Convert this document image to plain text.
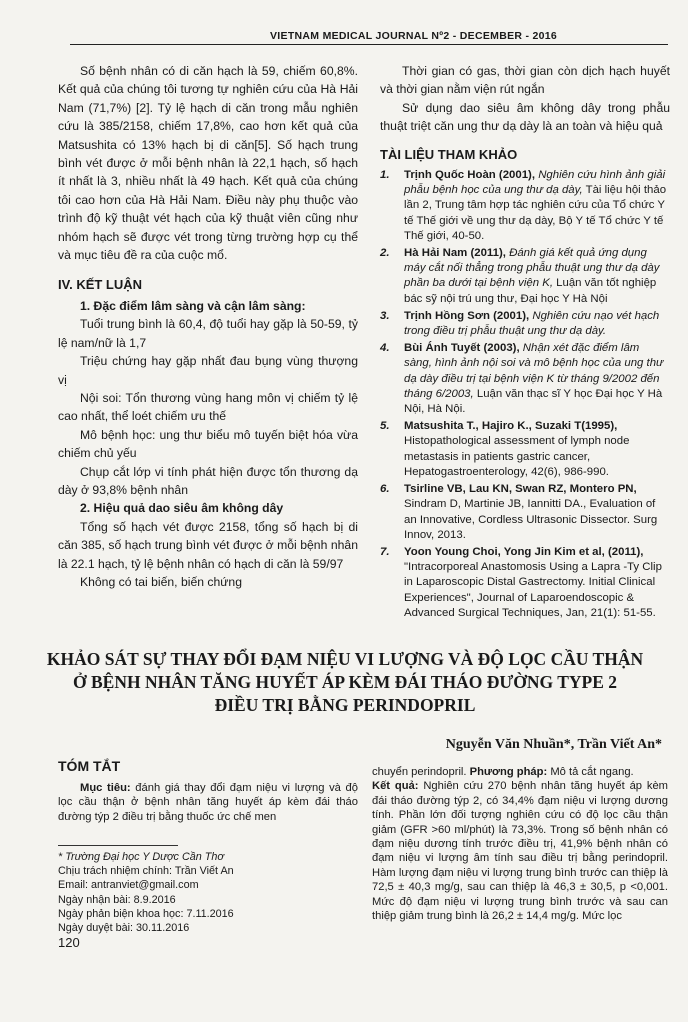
VIETNAM MEDICAL JOURNAL Nº2 - DECEMBER - 2016

Số bệnh nhân có di căn hạch là 59, chiếm 60,8%. Kết quả của chúng tôi tương tự nghiên cứu của Hà Hải Nam (71,7%) [2]. Tỷ lệ hạch di căn trong mẫu nghiên cứu là 385/2158, chiếm 17,8%, cao hơn kết quả của Matsushita có 13% hạch bị di căn[5]. Số hạch trung bình vét được ở mỗi bệnh nhân là 22,1 hạch, số hạch ít nhất là 3, nhiều nhất là 49 hạch. Kết quả của chúng tôi cao hơn của Hà Hải Nam. Điều này phụ thuộc vào trình độ kỹ thuật vét hạch của kỹ thuật viên cũng như nhóm hạch sẽ được vét trong từng trường hợp cụ thể và mục tiêu đề ra của cuộc mổ.

IV. KẾT LUẬN

1. Đặc điểm lâm sàng và cận lâm sàng:

Tuổi trung bình là 60,4, độ tuổi hay gặp là 50-59, tỷ lệ nam/nữ là 1,7

Triệu chứng hay gặp nhất đau bụng vùng thượng vị

Nội soi: Tổn thương vùng hang môn vị chiếm tỷ lệ cao nhất, thể loét chiếm ưu thế

Mô bệnh học: ung thư biểu mô tuyến biệt hóa vừa chiếm chủ yếu

Chụp cắt lớp vi tính phát hiện được tổn thương dạ dày ở 93,8% bệnh nhân

2. Hiệu quả dao siêu âm không dây

Tổng số hạch vét được 2158, tổng số hạch bị di căn 385, số hạch trung bình vét được ở mỗi bệnh nhân là 22.1 hạch, tỷ lệ bệnh nhân có hạch di căn là 59/97

Không có tai biến, biến chứng

Thời gian có gas, thời gian còn dịch hạch huyết và thời gian nằm viện rút ngắn

Sử dụng dao siêu âm không dây trong phẫu thuật triệt căn ung thư dạ dày là an toàn và hiệu quả

TÀI LIỆU THAM KHẢO
1.	Trịnh Quốc Hoàn (2001), Nghiên cứu hình ảnh giải phẫu bệnh học của ung thư dạ dày, Tài liệu hội thảo lần 2, Trung tâm hợp tác nghiên cứu của Tổ chức Y tế Thế giới về ung thư dạ dày, Bộ Y tế Tổ chức Y tế Thế giới, 40-50.
2.	Hà Hải Nam (2011), Đánh giá kết quả ứng dụng máy cắt nối thẳng trong phẫu thuật ung thư dạ dày phần ba dưới tại bệnh viện K, Luận văn tốt nghiệp bác sỹ nội trú ung thư, Đại học Y Hà Nội
3.	Trịnh Hồng Sơn (2001), Nghiên cứu nạo vét hạch trong điều trị phẫu thuật ung thư dạ dày.
4.	Bùi Ánh Tuyết (2003), Nhận xét đặc điểm lâm sàng, hình ảnh nội soi và mô bệnh học của ung thư dạ dày điều trị tại bệnh viện K từ tháng 9/2002 đến tháng 6/2003, Luận văn thạc sĩ Y học Đại học Y Hà Nội, Hà Nội.
5.	Matsushita T., Hajiro K., Suzaki T(1995), Histopathological assessment of lymph node metastasis in patients gastric cancer, Hepatogastroenterology, 42(6), 986-990.
6.	Tsirline VB, Lau KN, Swan RZ, Montero PN, Sindram D, Martinie JB, Iannitti DA., Evaluation of an Innovative, Cordless Ultrasonic Dissector. Surg Innov, 2013.
7.	Yoon Young Choi, Yong Jin Kim et al, (2011), "Intracorporeal Anastomosis Using a Lapra -Ty Clip in Laparoscopic Distal Gastrectomy. Initial Clinical Experiences", Journal of Laparoendoscopic & Advanced Surgical Techniques, Jan, 21(1): 51-55.
KHẢO SÁT SỰ THAY ĐỔI ĐẠM NIỆU VI LƯỢNG VÀ ĐỘ LỌC CẦU THẬN
Ở BỆNH NHÂN TĂNG HUYẾT ÁP KÈM ĐÁI THÁO ĐƯỜNG TYPE 2
ĐIỀU TRỊ BẰNG PERINDOPRIL
Nguyễn Văn Nhuần*, Trần Viết An*
TÓM TẮT

Mục tiêu: đánh giá thay đổi đạm niệu vi lượng và độ lọc cầu thận ở bệnh nhân tăng huyết áp kèm đái tháo đường týp 2 điều trị bằng thuốc ức chế men

chuyển perindopril. Phương pháp: Mô tả cắt ngang.

Kết quả: Nghiên cứu 270 bệnh nhân tăng huyết áp kèm đái tháo đường týp 2, có 34,4% đạm niệu vi lượng dương tính. Phần lớn đối tượng nghiên cứu có độ lọc cầu thận giảm (GFR >60 ml/phút) là 73,3%. Trong số bệnh nhân có đạm niệu dương tính trước điều trị, 41,9% bệnh nhân có đạm niệu vi lượng âm tính sau điều trị bằng perindopril. Hàm lượng đạm niệu vi lượng trung bình trước can thiệp là 72,5 ± 40,3 mg/g, sau can thiệp là 46,3 ± 30,5, p <0,001. Mức độ đạm niệu vi lượng trung bình trước và sau can thiệp giảm trung bình là 26,2 ± 14,4 mg/g. Mức lọc

* Trường Đại học Y Dược Cần Thơ
Chịu trách nhiệm chính: Trần Viết An
Email: antranviet@gmail.com
Ngày nhận bài: 8.9.2016
Ngày phản biện khoa học: 7.11.2016
Ngày duyệt bài: 30.11.2016
120
